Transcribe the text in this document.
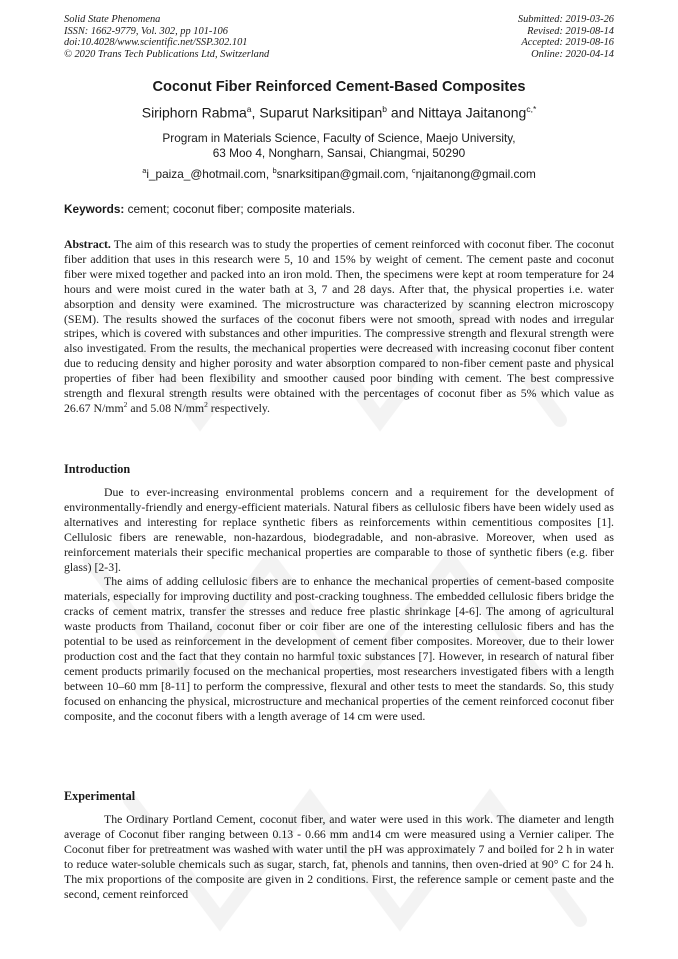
Solid State Phenomena
ISSN: 1662-9779, Vol. 302, pp 101-106
doi:10.4028/www.scientific.net/SSP.302.101
© 2020 Trans Tech Publications Ltd, Switzerland
Submitted: 2019-03-26
Revised: 2019-08-14
Accepted: 2019-08-16
Online: 2020-04-14
Coconut Fiber Reinforced Cement-Based Composites
Siriphorn Rabma$^a$, Suparut Narksitipan$^b$ and Nittaya Jaitanong$^{c,*}$
Program in Materials Science, Faculty of Science, Maejo University,
63 Moo 4, Nongharn, Sansai, Chiangmai, 50290
$^a$i_paiza_@hotmail.com, $^b$snarksitipan@gmail.com, $^c$njaitanong@gmail.com
Keywords: cement; coconut fiber; composite materials.

Abstract. The aim of this research was to study the properties of cement reinforced with coconut fiber. The coconut fiber addition that uses in this research were 5, 10 and 15% by weight of cement. The cement paste and coconut fiber were mixed together and packed into an iron mold. Then, the specimens were kept at room temperature for 24 hours and were moist cured in the water bath at 3, 7 and 28 days. After that, the physical properties i.e. water absorption and density were examined. The microstructure was characterized by scanning electron microscopy (SEM). The results showed the surfaces of the coconut fibers were not smooth, spread with nodes and irregular stripes, which is covered with substances and other impurities. The compressive strength and flexural strength were also investigated. From the results, the mechanical properties were decreased with increasing coconut fiber content due to reducing density and higher porosity and water absorption compared to non-fiber cement paste and physical properties of fiber had been flexibility and smoother caused poor binding with cement. The best compressive strength and flexural strength results were obtained with the percentages of coconut fiber as 5% which value as 26.67 $N/mm^2$ and 5.08 $N/mm^2$ respectively.

Introduction

Due to ever-increasing environmental problems concern and a requirement for the development of environmentally-friendly and energy-efficient materials. Natural fibers as cellulosic fibers have been widely used as alternatives and interesting for replace synthetic fibers as reinforcements within cementitious composites [1]. Cellulosic fibers are renewable, non-hazardous, biodegradable, and non-abrasive. Moreover, when used as reinforcement materials their specific mechanical properties are comparable to those of synthetic fibers (e.g. fiber glass) [2-3].

The aims of adding cellulosic fibers are to enhance the mechanical properties of cement-based composite materials, especially for improving ductility and post-cracking toughness. The embedded cellulosic fibers bridge the cracks of cement matrix, transfer the stresses and reduce free plastic shrinkage [4-6]. The among of agricultural waste products from Thailand, coconut fiber or coir fiber are one of the interesting cellulosic fibers and has the potential to be used as reinforcement in the development of cement fiber composites. Moreover, due to their lower production cost and the fact that they contain no harmful toxic substances [7]. However, in research of natural fiber cement products primarily focused on the mechanical properties, most researchers investigated fibers with a length between 10–60 mm [8-11] to perform the compressive, flexural and other tests to meet the standards. So, this study focused on enhancing the physical, microstructure and mechanical properties of the cement reinforced coconut fiber composite, and the coconut fibers with a length average of 14 cm were used.

Experimental

The Ordinary Portland Cement, coconut fiber, and water were used in this work. The diameter and length average of Coconut fiber ranging between 0.13 - 0.66 mm and14 cm were measured using a Vernier caliper. The Coconut fiber for pretreatment was washed with water until the pH was approximately 7 and boiled for 2 h in water to reduce water-soluble chemicals such as sugar, starch, fat, phenols and tannins, then oven-dried at 90° C for 24 h. The mix proportions of the composite are given in 2 conditions. First, the reference sample or cement paste and the second, cement reinforced
